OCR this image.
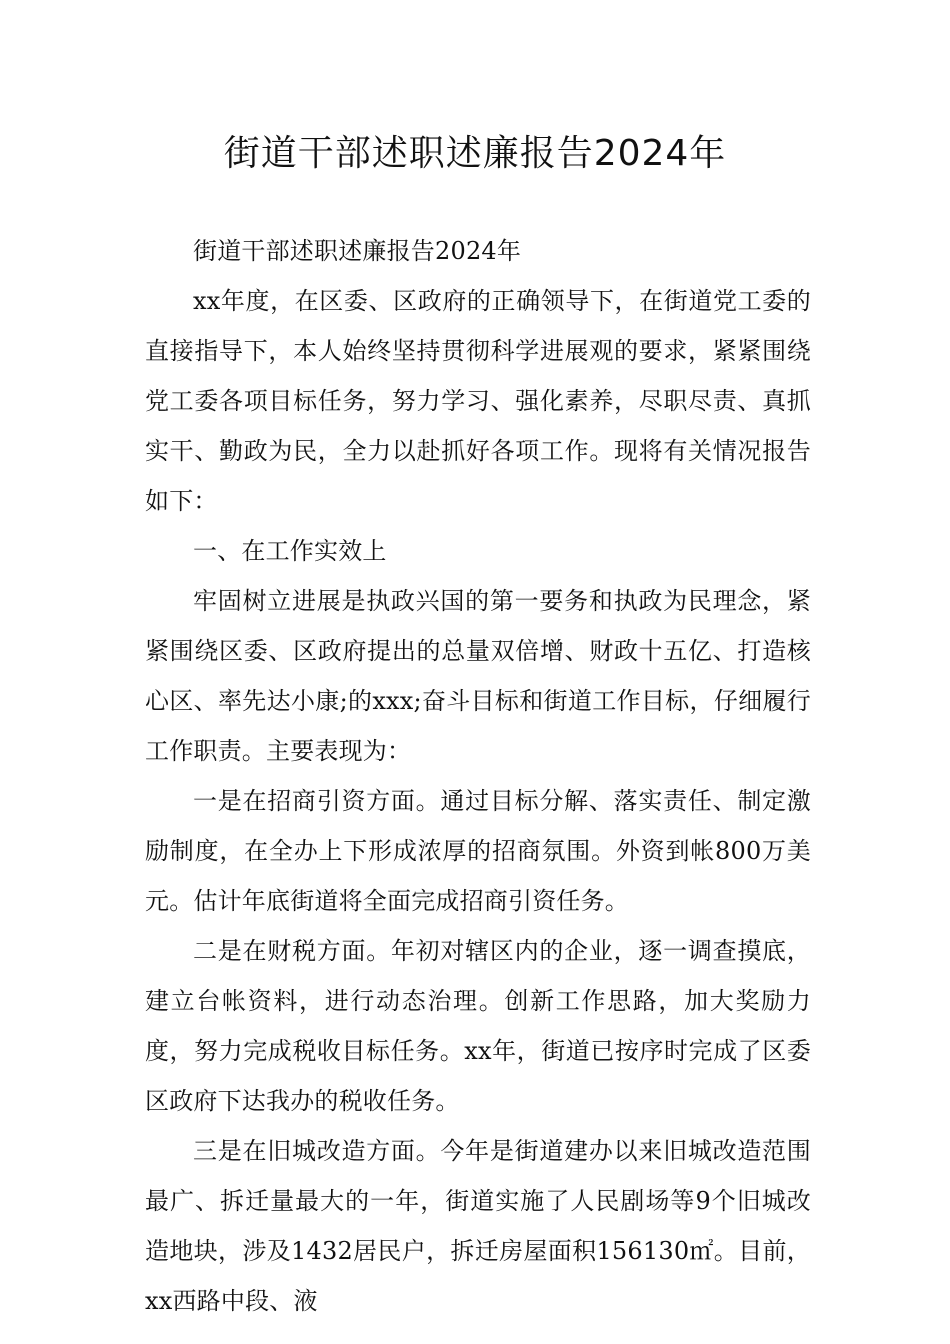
街道干部述职述廉报告2024年

街道干部述职述廉报告2024年

xx年度，在区委、区政府的正确领导下，在街道党工委的直接指导下，本人始终坚持贯彻科学进展观的要求，紧紧围绕党工委各项目标任务，努力学习、强化素养，尽职尽责、真抓实干、勤政为民，全力以赴抓好各项工作。现将有关情况报告如下：

一、在工作实效上

牢固树立进展是执政兴国的第一要务和执政为民理念，紧紧围绕区委、区政府提出的总量双倍增、财政十五亿、打造核心区、率先达小康;的xxx;奋斗目标和街道工作目标，仔细履行工作职责。主要表现为：

一是在招商引资方面。通过目标分解、落实责任、制定激励制度，在全办上下形成浓厚的招商氛围。外资到帐800万美元。估计年底街道将全面完成招商引资任务。

二是在财税方面。年初对辖区内的企业，逐一调查摸底，建立台帐资料，进行动态治理。创新工作思路，加大奖励力度，努力完成税收目标任务。xx年，街道已按序时完成了区委区政府下达我办的税收任务。

三是在旧城改造方面。今年是街道建办以来旧城改造范围最广、拆迁量最大的一年，街道实施了人民剧场等9个旧城改造地块，涉及1432居民户，拆迁房屋面积156130㎡。目前，xx西路中段、液
